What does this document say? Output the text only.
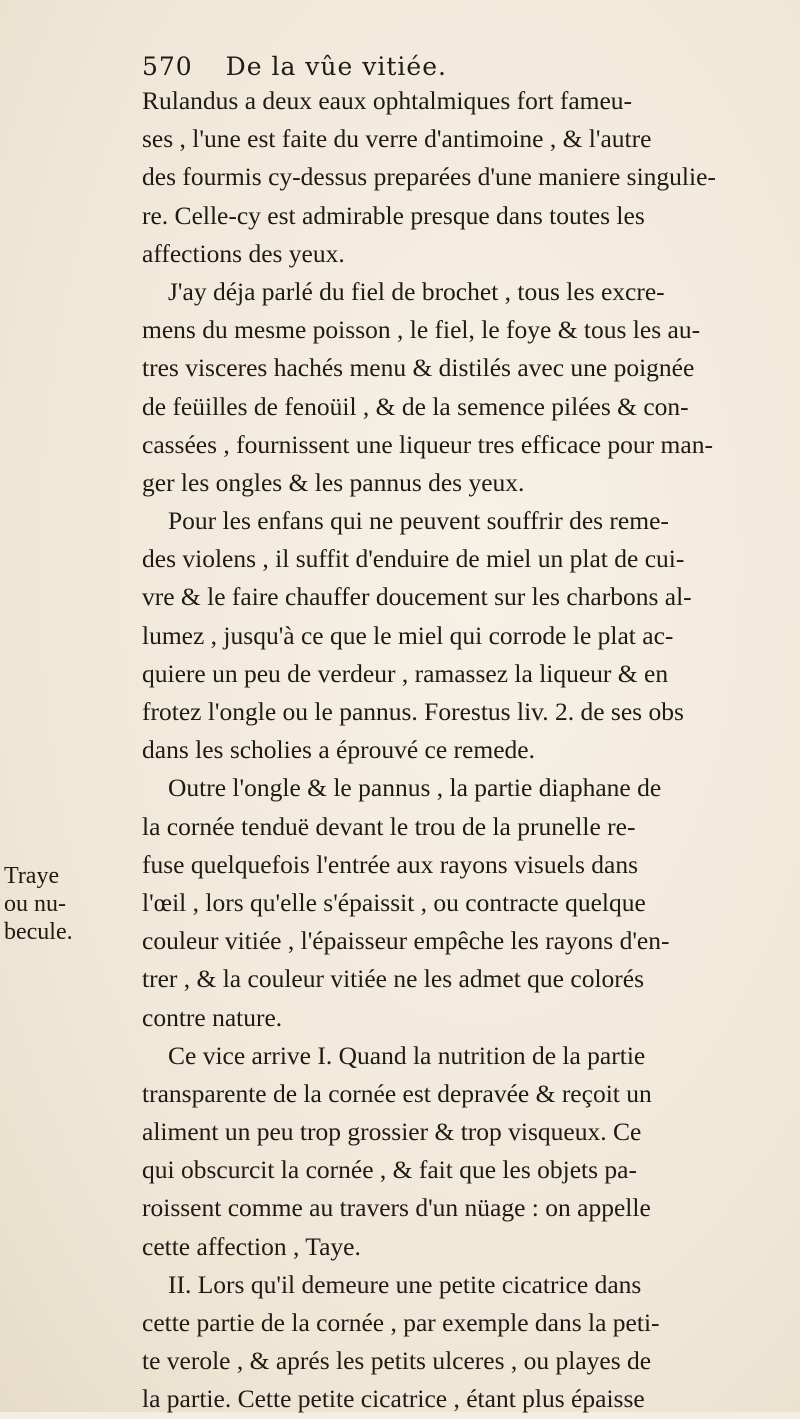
570 De la vûe vitiée.
Rulandus a deux eaux ophtalmiques fort fameu-
ses , l'une est faite du verre d'antimoine , & l'autre
des fourmis cy-dessus preparées d'une maniere singulie-
re. Celle-cy est admirable presque dans toutes les
affections des yeux.
J'ay déja parlé du fiel de brochet , tous les excre-
mens du mesme poisson , le fiel, le foye & tous les au-
tres visceres hachés menu & distilés avec une poignée
de feüilles de fenoüil , & de la semence pilées & con-
cassées , fournissent une liqueur tres efficace pour man-
ger les ongles & les pannus des yeux.
Pour les enfans qui ne peuvent souffrir des reme-
des violens , il suffit d'enduire de miel un plat de cui-
vre & le faire chauffer doucement sur les charbons al-
lumez , jusqu'à ce que le miel qui corrode le plat ac-
quiere un peu de verdeur , ramassez la liqueur & en
frotez l'ongle ou le pannus. Forestus liv. 2. de ses obs
dans les scholies a éprouvé ce remede.
Outre l'ongle & le pannus , la partie diaphane de
la cornée tenduë devant le trou de la prunelle re-
fuse quelquefois l'entrée aux rayons visuels dans
l'œil , lors qu'elle s'épaissit , ou contracte quelque
couleur vitiée , l'épaisseur empêche les rayons d'en-
trer , & la couleur vitiée ne les admet que colorés
contre nature.
Ce vice arrive I. Quand la nutrition de la partie
transparente de la cornée est depravée & reçoit un
aliment un peu trop grossier & trop visqueux. Ce
qui obscurcit la cornée , & fait que les objets pa-
roissent comme au travers d'un nüage : on appelle
cette affection , Taye.
II. Lors qu'il demeure une petite cicatrice dans
cette partie de la cornée , par exemple dans la peti-
te verole , & aprés les petits ulceres , ou playes de
la partie. Cette petite cicatrice , étant plus épaisse
Traye
ou nu-
becule.
